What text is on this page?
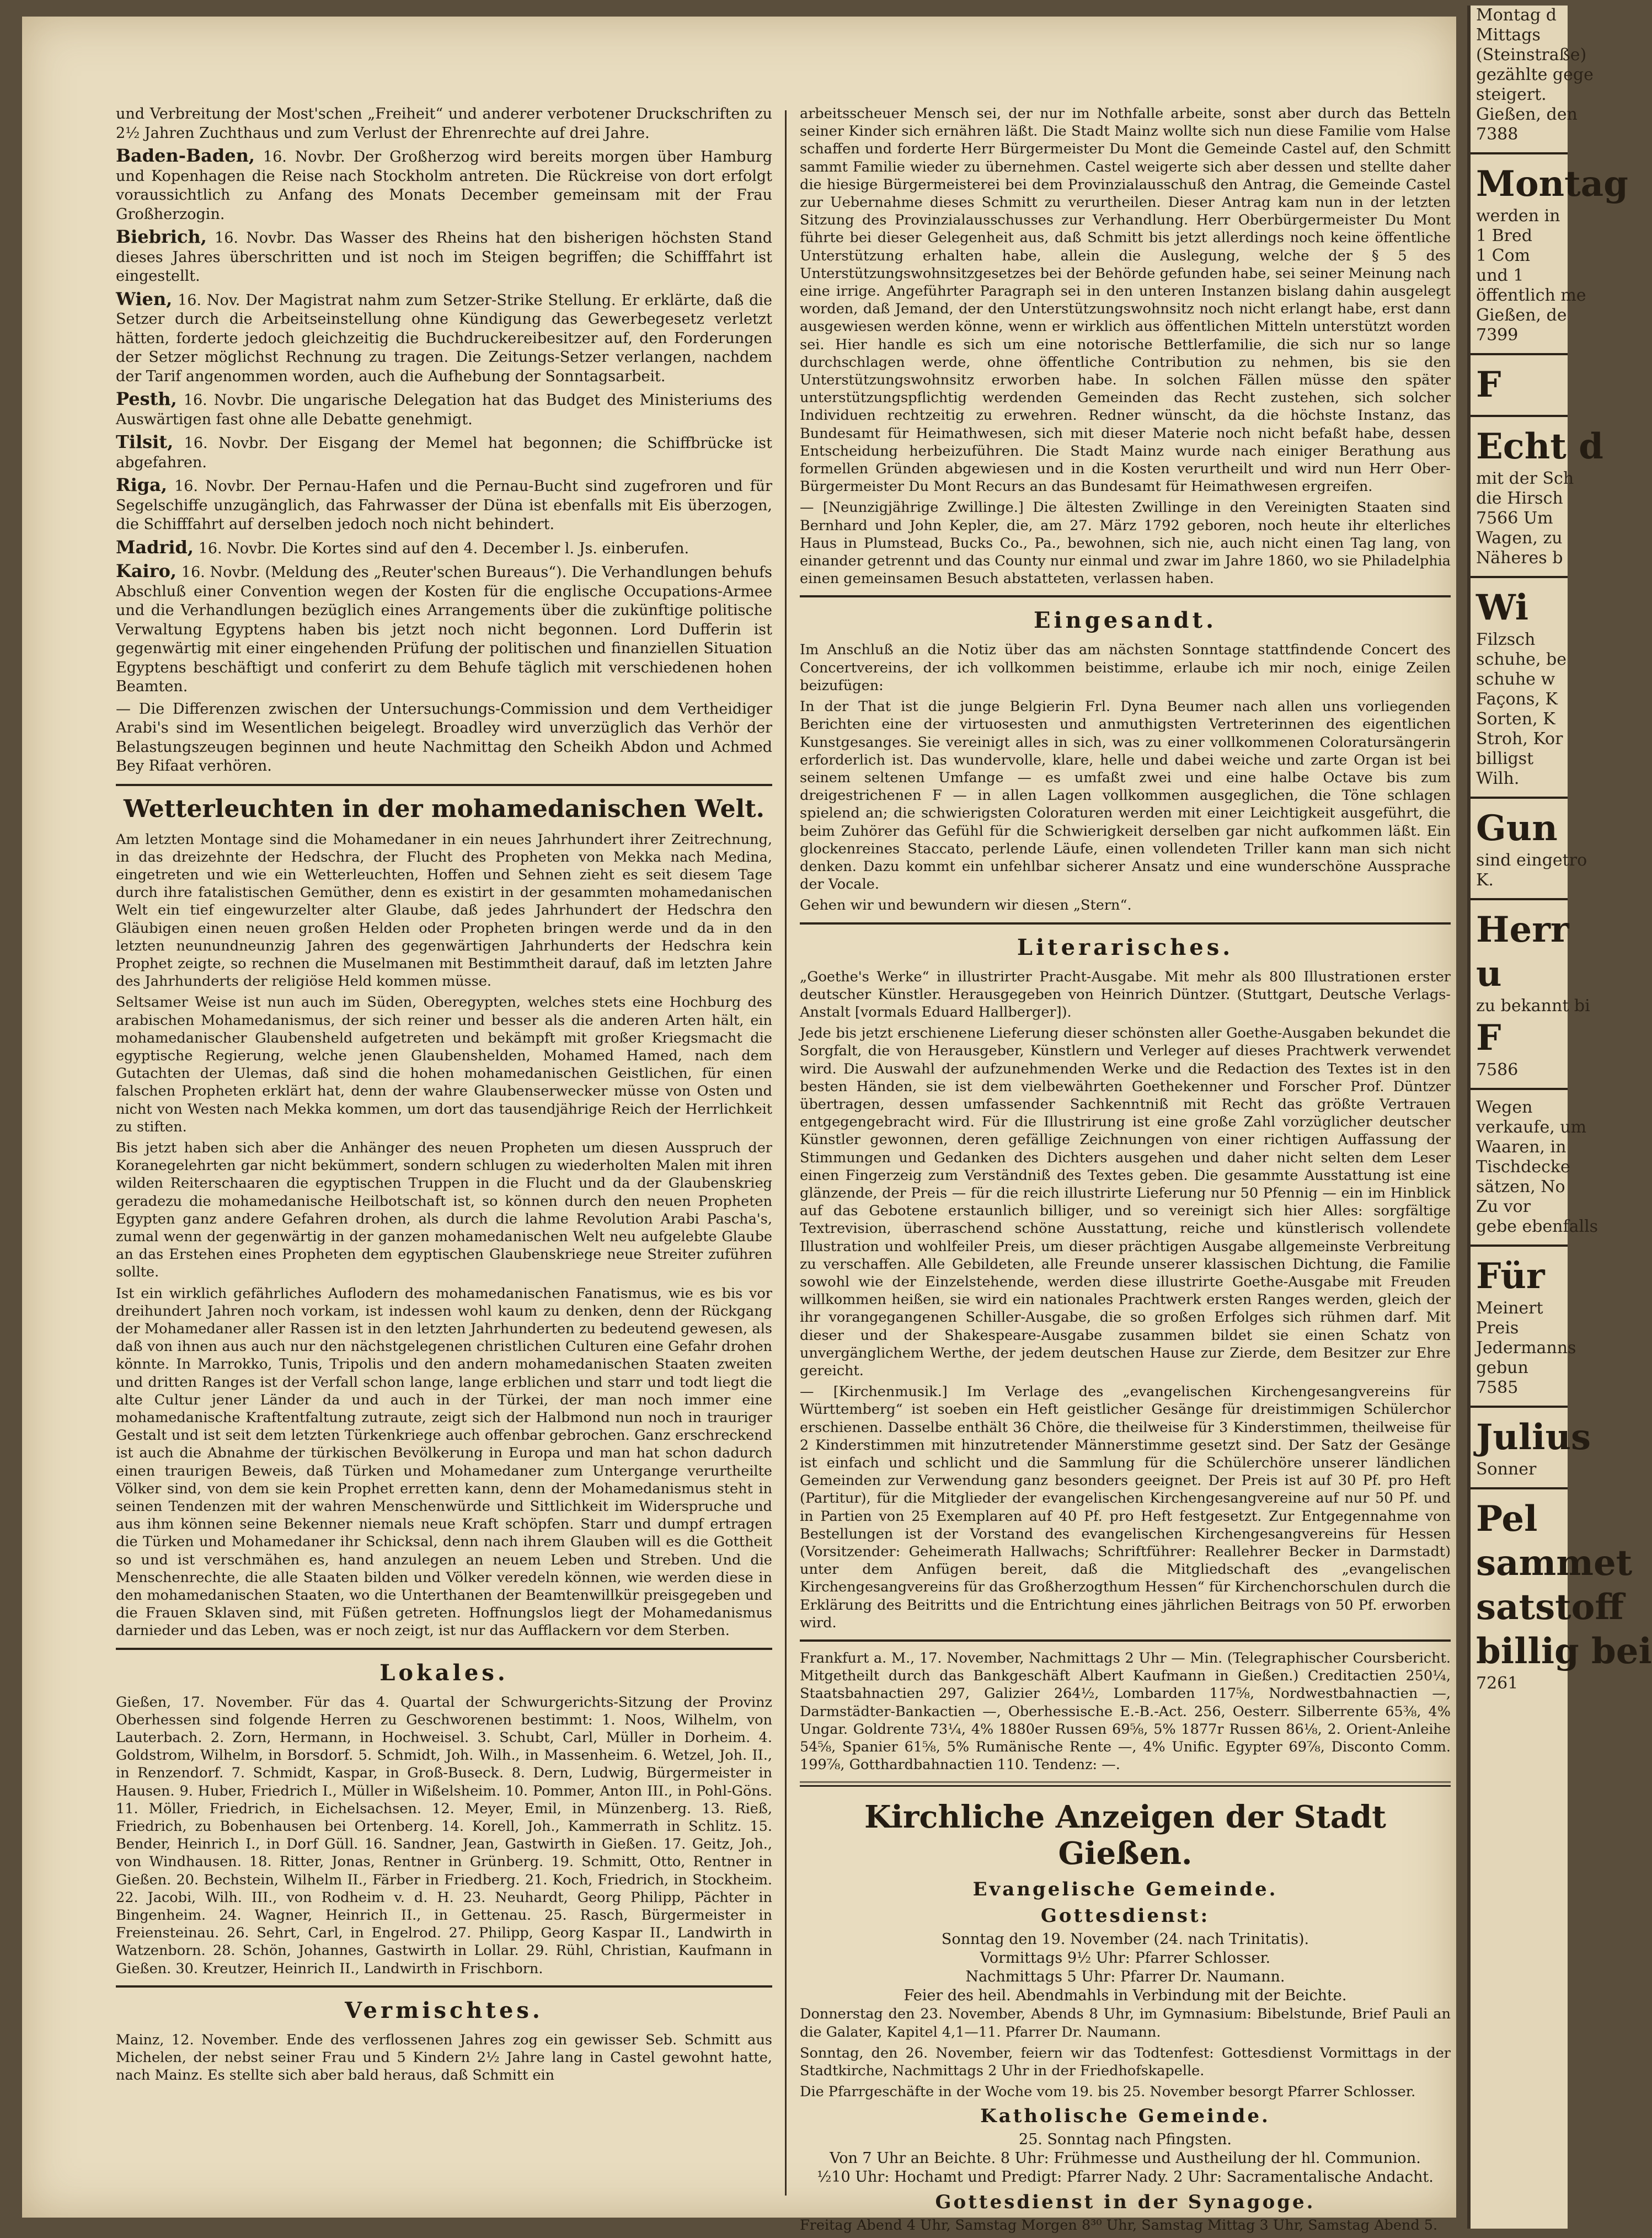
und Verbreitung der Most'schen „Freiheit“ und anderer verbotener Druckschriften zu 2½ Jahren Zuchthaus und zum Verlust der Ehrenrechte auf drei Jahre.

Baden-Baden, 16. Novbr. Der Großherzog wird bereits morgen über Hamburg und Kopenhagen die Reise nach Stockholm antreten. Die Rückreise von dort erfolgt voraussichtlich zu Anfang des Monats December gemeinsam mit der Frau Großherzogin.

Biebrich, 16. Novbr. Das Wasser des Rheins hat den bisherigen höchsten Stand dieses Jahres überschritten und ist noch im Steigen begriffen; die Schifffahrt ist eingestellt.

Wien, 16. Nov. Der Magistrat nahm zum Setzer-Strike Stellung. Er erklärte, daß die Setzer durch die Arbeitseinstellung ohne Kündigung das Gewerbegesetz verletzt hätten, forderte jedoch gleichzeitig die Buchdruckereibesitzer auf, den Forderungen der Setzer möglichst Rechnung zu tragen. Die Zeitungs-Setzer verlangen, nachdem der Tarif angenommen worden, auch die Aufhebung der Sonntagsarbeit.

Pesth, 16. Novbr. Die ungarische Delegation hat das Budget des Ministeriums des Auswärtigen fast ohne alle Debatte genehmigt.

Tilsit, 16. Novbr. Der Eisgang der Memel hat begonnen; die Schiffbrücke ist abgefahren.

Riga, 16. Novbr. Der Pernau-Hafen und die Pernau-Bucht sind zugefroren und für Segelschiffe unzugänglich, das Fahrwasser der Düna ist ebenfalls mit Eis überzogen, die Schifffahrt auf derselben jedoch noch nicht behindert.

Madrid, 16. Novbr. Die Kortes sind auf den 4. December l. Js. einberufen.

Kairo, 16. Novbr. (Meldung des „Reuter'schen Bureaus“). Die Verhandlungen behufs Abschluß einer Convention wegen der Kosten für die englische Occupations-Armee und die Verhandlungen bezüglich eines Arrangements über die zukünftige politische Verwaltung Egyptens haben bis jetzt noch nicht begonnen. Lord Dufferin ist gegenwärtig mit einer eingehenden Prüfung der politischen und finanziellen Situation Egyptens beschäftigt und conferirt zu dem Behufe täglich mit verschiedenen hohen Beamten.

— Die Differenzen zwischen der Untersuchungs-Commission und dem Vertheidiger Arabi's sind im Wesentlichen beigelegt. Broadley wird unverzüglich das Verhör der Belastungszeugen beginnen und heute Nachmittag den Scheikh Abdon und Achmed Bey Rifaat verhören.

Wetterleuchten in der mohamedanischen Welt.

Am letzten Montage sind die Mohamedaner in ein neues Jahrhundert ihrer Zeitrechnung, in das dreizehnte der Hedschra, der Flucht des Propheten von Mekka nach Medina, eingetreten und wie ein Wetterleuchten, Hoffen und Sehnen zieht es seit diesem Tage durch ihre fatalistischen Gemüther, denn es existirt in der gesammten mohamedanischen Welt ein tief eingewurzelter alter Glaube, daß jedes Jahrhundert der Hedschra den Gläubigen einen neuen großen Helden oder Propheten bringen werde und da in den letzten neunundneunzig Jahren des gegenwärtigen Jahrhunderts der Hedschra kein Prophet zeigte, so rechnen die Muselmanen mit Bestimmtheit darauf, daß im letzten Jahre des Jahrhunderts der religiöse Held kommen müsse.

Seltsamer Weise ist nun auch im Süden, Oberegypten, welches stets eine Hochburg des arabischen Mohamedanismus, der sich reiner und besser als die anderen Arten hält, ein mohamedanischer Glaubensheld aufgetreten und bekämpft mit großer Kriegsmacht die egyptische Regierung, welche jenen Glaubenshelden, Mohamed Hamed, nach dem Gutachten der Ulemas, daß sind die hohen mohamedanischen Geistlichen, für einen falschen Propheten erklärt hat, denn der wahre Glaubenserwecker müsse von Osten und nicht von Westen nach Mekka kommen, um dort das tausendjährige Reich der Herrlichkeit zu stiften.

Bis jetzt haben sich aber die Anhänger des neuen Propheten um diesen Ausspruch der Koranegelehrten gar nicht bekümmert, sondern schlugen zu wiederholten Malen mit ihren wilden Reiterschaaren die egyptischen Truppen in die Flucht und da der Glaubenskrieg geradezu die mohamedanische Heilbotschaft ist, so können durch den neuen Propheten Egypten ganz andere Gefahren drohen, als durch die lahme Revolution Arabi Pascha's, zumal wenn der gegenwärtig in der ganzen mohamedanischen Welt neu aufgelebte Glaube an das Erstehen eines Propheten dem egyptischen Glaubenskriege neue Streiter zuführen sollte.

Ist ein wirklich gefährliches Auflodern des mohamedanischen Fanatismus, wie es bis vor dreihundert Jahren noch vorkam, ist indessen wohl kaum zu denken, denn der Rückgang der Mohamedaner aller Rassen ist in den letzten Jahrhunderten zu bedeutend gewesen, als daß von ihnen aus auch nur den nächstgelegenen christlichen Culturen eine Gefahr drohen könnte. In Marrokko, Tunis, Tripolis und den andern mohamedanischen Staaten zweiten und dritten Ranges ist der Verfall schon lange, lange erblichen und starr und todt liegt die alte Cultur jener Länder da und auch in der Türkei, der man noch immer eine mohamedanische Kraftentfaltung zutraute, zeigt sich der Halbmond nun noch in trauriger Gestalt und ist seit dem letzten Türkenkriege auch offenbar gebrochen. Ganz erschreckend ist auch die Abnahme der türkischen Bevölkerung in Europa und man hat schon dadurch einen traurigen Beweis, daß Türken und Mohamedaner zum Untergange verurtheilte Völker sind, von dem sie kein Prophet erretten kann, denn der Mohamedanismus steht in seinen Tendenzen mit der wahren Menschenwürde und Sittlichkeit im Widerspruche und aus ihm können seine Bekenner niemals neue Kraft schöpfen. Starr und dumpf ertragen die Türken und Mohamedaner ihr Schicksal, denn nach ihrem Glauben will es die Gottheit so und ist verschmähen es, hand anzulegen an neuem Leben und Streben. Und die Menschenrechte, die alle Staaten bilden und Völker veredeln können, wie werden diese in den mohamedanischen Staaten, wo die Unterthanen der Beamtenwillkür preisgegeben und die Frauen Sklaven sind, mit Füßen getreten. Hoffnungslos liegt der Mohamedanismus darnieder und das Leben, was er noch zeigt, ist nur das Aufflackern vor dem Sterben.

Lokales.

Gießen, 17. November. Für das 4. Quartal der Schwurgerichts-Sitzung der Provinz Oberhessen sind folgende Herren zu Geschworenen bestimmt: 1. Noos, Wilhelm, von Lauterbach. 2. Zorn, Hermann, in Hochweisel. 3. Schubt, Carl, Müller in Dorheim. 4. Goldstrom, Wilhelm, in Borsdorf. 5. Schmidt, Joh. Wilh., in Massenheim. 6. Wetzel, Joh. II., in Renzendorf. 7. Schmidt, Kaspar, in Groß-Buseck. 8. Dern, Ludwig, Bürgermeister in Hausen. 9. Huber, Friedrich I., Müller in Wißelsheim. 10. Pommer, Anton III., in Pohl-Göns. 11. Möller, Friedrich, in Eichelsachsen. 12. Meyer, Emil, in Münzenberg. 13. Rieß, Friedrich, zu Bobenhausen bei Ortenberg. 14. Korell, Joh., Kammerrath in Schlitz. 15. Bender, Heinrich I., in Dorf Güll. 16. Sandner, Jean, Gastwirth in Gießen. 17. Geitz, Joh., von Windhausen. 18. Ritter, Jonas, Rentner in Grünberg. 19. Schmitt, Otto, Rentner in Gießen. 20. Bechstein, Wilhelm II., Färber in Friedberg. 21. Koch, Friedrich, in Stockheim. 22. Jacobi, Wilh. III., von Rodheim v. d. H. 23. Neuhardt, Georg Philipp, Pächter in Bingenheim. 24. Wagner, Heinrich II., in Gettenau. 25. Rasch, Bürgermeister in Freiensteinau. 26. Sehrt, Carl, in Engelrod. 27. Philipp, Georg Kaspar II., Landwirth in Watzenborn. 28. Schön, Johannes, Gastwirth in Lollar. 29. Rühl, Christian, Kaufmann in Gießen. 30. Kreutzer, Heinrich II., Landwirth in Frischborn.

Vermischtes.

Mainz, 12. November. Ende des verflossenen Jahres zog ein gewisser Seb. Schmitt aus Michelen, der nebst seiner Frau und 5 Kindern 2½ Jahre lang in Castel gewohnt hatte, nach Mainz. Es stellte sich aber bald heraus, daß Schmitt ein

arbeitsscheuer Mensch sei, der nur im Nothfalle arbeite, sonst aber durch das Betteln seiner Kinder sich ernähren läßt. Die Stadt Mainz wollte sich nun diese Familie vom Halse schaffen und forderte Herr Bürgermeister Du Mont die Gemeinde Castel auf, den Schmitt sammt Familie wieder zu übernehmen. Castel weigerte sich aber dessen und stellte daher die hiesige Bürgermeisterei bei dem Provinzialausschuß den Antrag, die Gemeinde Castel zur Uebernahme dieses Schmitt zu verurtheilen. Dieser Antrag kam nun in der letzten Sitzung des Provinzialausschusses zur Verhandlung. Herr Oberbürgermeister Du Mont führte bei dieser Gelegenheit aus, daß Schmitt bis jetzt allerdings noch keine öffentliche Unterstützung erhalten habe, allein die Auslegung, welche der § 5 des Unterstützungswohnsitzgesetzes bei der Behörde gefunden habe, sei seiner Meinung nach eine irrige. Angeführter Paragraph sei in den unteren Instanzen bislang dahin ausgelegt worden, daß Jemand, der den Unterstützungswohnsitz noch nicht erlangt habe, erst dann ausgewiesen werden könne, wenn er wirklich aus öffentlichen Mitteln unterstützt worden sei. Hier handle es sich um eine notorische Bettlerfamilie, die sich nur so lange durchschlagen werde, ohne öffentliche Contribution zu nehmen, bis sie den Unterstützungswohnsitz erworben habe. In solchen Fällen müsse den später unterstützungspflichtig werdenden Gemeinden das Recht zustehen, sich solcher Individuen rechtzeitig zu erwehren. Redner wünscht, da die höchste Instanz, das Bundesamt für Heimathwesen, sich mit dieser Materie noch nicht befaßt habe, dessen Entscheidung herbeizuführen. Die Stadt Mainz wurde nach einiger Berathung aus formellen Gründen abgewiesen und in die Kosten verurtheilt und wird nun Herr Ober-Bürgermeister Du Mont Recurs an das Bundesamt für Heimathwesen ergreifen.

— [Neunzigjährige Zwillinge.] Die ältesten Zwillinge in den Vereinigten Staaten sind Bernhard und John Kepler, die, am 27. März 1792 geboren, noch heute ihr elterliches Haus in Plumstead, Bucks Co., Pa., bewohnen, sich nie, auch nicht einen Tag lang, von einander getrennt und das County nur einmal und zwar im Jahre 1860, wo sie Philadelphia einen gemeinsamen Besuch abstatteten, verlassen haben.

Eingesandt.

Im Anschluß an die Notiz über das am nächsten Sonntage stattfindende Concert des Concertvereins, der ich vollkommen beistimme, erlaube ich mir noch, einige Zeilen beizufügen:

In der That ist die junge Belgierin Frl. Dyna Beumer nach allen uns vorliegenden Berichten eine der virtuosesten und anmuthigsten Vertreterinnen des eigentlichen Kunstgesanges. Sie vereinigt alles in sich, was zu einer vollkommenen Coloratursängerin erforderlich ist. Das wundervolle, klare, helle und dabei weiche und zarte Organ ist bei seinem seltenen Umfange — es umfaßt zwei und eine halbe Octave bis zum dreigestrichenen F — in allen Lagen vollkommen ausgeglichen, die Töne schlagen spielend an; die schwierigsten Coloraturen werden mit einer Leichtigkeit ausgeführt, die beim Zuhörer das Gefühl für die Schwierigkeit derselben gar nicht aufkommen läßt. Ein glockenreines Staccato, perlende Läufe, einen vollendeten Triller kann man sich nicht denken. Dazu kommt ein unfehlbar sicherer Ansatz und eine wunderschöne Aussprache der Vocale.

Gehen wir und bewundern wir diesen „Stern“.

Literarisches.

„Goethe's Werke“ in illustrirter Pracht-Ausgabe. Mit mehr als 800 Illustrationen erster deutscher Künstler. Herausgegeben von Heinrich Düntzer. (Stuttgart, Deutsche Verlags-Anstalt [vormals Eduard Hallberger]).

Jede bis jetzt erschienene Lieferung dieser schönsten aller Goethe-Ausgaben bekundet die Sorgfalt, die von Herausgeber, Künstlern und Verleger auf dieses Prachtwerk verwendet wird. Die Auswahl der aufzunehmenden Werke und die Redaction des Textes ist in den besten Händen, sie ist dem vielbewährten Goethekenner und Forscher Prof. Düntzer übertragen, dessen umfassender Sachkenntniß mit Recht das größte Vertrauen entgegengebracht wird. Für die Illustrirung ist eine große Zahl vorzüglicher deutscher Künstler gewonnen, deren gefällige Zeichnungen von einer richtigen Auffassung der Stimmungen und Gedanken des Dichters ausgehen und daher nicht selten dem Leser einen Fingerzeig zum Verständniß des Textes geben. Die gesammte Ausstattung ist eine glänzende, der Preis — für die reich illustrirte Lieferung nur 50 Pfennig — ein im Hinblick auf das Gebotene erstaunlich billiger, und so vereinigt sich hier Alles: sorgfältige Textrevision, überraschend schöne Ausstattung, reiche und künstlerisch vollendete Illustration und wohlfeiler Preis, um dieser prächtigen Ausgabe allgemeinste Verbreitung zu verschaffen. Alle Gebildeten, alle Freunde unserer klassischen Dichtung, die Familie sowohl wie der Einzelstehende, werden diese illustrirte Goethe-Ausgabe mit Freuden willkommen heißen, sie wird ein nationales Prachtwerk ersten Ranges werden, gleich der ihr vorangegangenen Schiller-Ausgabe, die so großen Erfolges sich rühmen darf. Mit dieser und der Shakespeare-Ausgabe zusammen bildet sie einen Schatz von unvergänglichem Werthe, der jedem deutschen Hause zur Zierde, dem Besitzer zur Ehre gereicht.

— [Kirchenmusik.] Im Verlage des „evangelischen Kirchengesangvereins für Württemberg“ ist soeben ein Heft geistlicher Gesänge für dreistimmigen Schülerchor erschienen. Dasselbe enthält 36 Chöre, die theilweise für 3 Kinderstimmen, theilweise für 2 Kinderstimmen mit hinzutretender Männerstimme gesetzt sind. Der Satz der Gesänge ist einfach und schlicht und die Sammlung für die Schülerchöre unserer ländlichen Gemeinden zur Verwendung ganz besonders geeignet. Der Preis ist auf 30 Pf. pro Heft (Partitur), für die Mitglieder der evangelischen Kirchengesangvereine auf nur 50 Pf. und in Partien von 25 Exemplaren auf 40 Pf. pro Heft festgesetzt. Zur Entgegennahme von Bestellungen ist der Vorstand des evangelischen Kirchengesangvereins für Hessen (Vorsitzender: Geheimerath Hallwachs; Schriftführer: Reallehrer Becker in Darmstadt) unter dem Anfügen bereit, daß die Mitgliedschaft des „evangelischen Kirchengesangvereins für das Großherzogthum Hessen“ für Kirchenchorschulen durch die Erklärung des Beitritts und die Entrichtung eines jährlichen Beitrags von 50 Pf. erworben wird.

Frankfurt a. M., 17. November, Nachmittags 2 Uhr — Min. (Telegraphischer Coursbericht. Mitgetheilt durch das Bankgeschäft Albert Kaufmann in Gießen.) Creditactien 250¼, Staatsbahnactien 297, Galizier 264½, Lombarden 117⅝, Nordwestbahnactien —, Darmstädter-Bankactien —, Oberhessische E.-B.-Act. 256, Oesterr. Silberrente 65⅜, 4% Ungar. Goldrente 73¼, 4% 1880er Russen 69⅝, 5% 1877r Russen 86⅛, 2. Orient-Anleihe 54⅝, Spanier 61⅝, 5% Rumänische Rente —, 4% Unific. Egypter 69⅞, Disconto Comm. 199⅞, Gotthardbahnactien 110. Tendenz: —.

Kirchliche Anzeigen der Stadt Gießen.
Evangelische Gemeinde.
Gottesdienst:
Sonntag den 19. November (24. nach Trinitatis).
Vormittags 9½ Uhr: Pfarrer Schlosser.
Nachmittags 5 Uhr: Pfarrer Dr. Naumann.
Feier des heil. Abendmahls in Verbindung mit der Beichte.

Donnerstag den 23. November, Abends 8 Uhr, im Gymnasium: Bibelstunde, Brief Pauli an die Galater, Kapitel 4,1—11. Pfarrer Dr. Naumann.

Sonntag, den 26. November, feiern wir das Todtenfest: Gottesdienst Vormittags in der Stadtkirche, Nachmittags 2 Uhr in der Friedhofskapelle.

Die Pfarrgeschäfte in der Woche vom 19. bis 25. November besorgt Pfarrer Schlosser.

Katholische Gemeinde.
25. Sonntag nach Pfingsten.
Von 7 Uhr an Beichte. 8 Uhr: Frühmesse und Austheilung der hl. Communion.
½10 Uhr: Hochamt und Predigt: Pfarrer Nady. 2 Uhr: Sacramentalische Andacht.
Gottesdienst in der Synagoge.

Freitag Abend 4 Uhr, Samstag Morgen 8³⁰ Uhr, Samstag Mittag 3 Uhr, Samstag Abend 5.

Montag d
Mittags
(Steinstraße)
gezählte gege
steigert.
Gießen, den
7388
Montag
werden in
1 Bred
1 Com
und 1
öffentlich me
Gießen, de
7399
F
Echt d
mit der Sch
die Hirsch
7566 Um
Wagen, zu
Näheres b
Wi
Filzsch
schuhe, be
schuhe w
Façons, K
Sorten, K
Stroh, Kor
billigst
Wilh.
Gun
sind eingetro
K.
Herr
u
zu bekannt bi
F
7586
Wegen
verkaufe, um
Waaren, in
Tischdecke
sätzen, No
Zu vor
gebe ebenfalls
Für
Meinert
Preis
Jedermanns
gebun
7585
Julius
Sonner
Pel
sammet
satstoff
billig bei
7261
